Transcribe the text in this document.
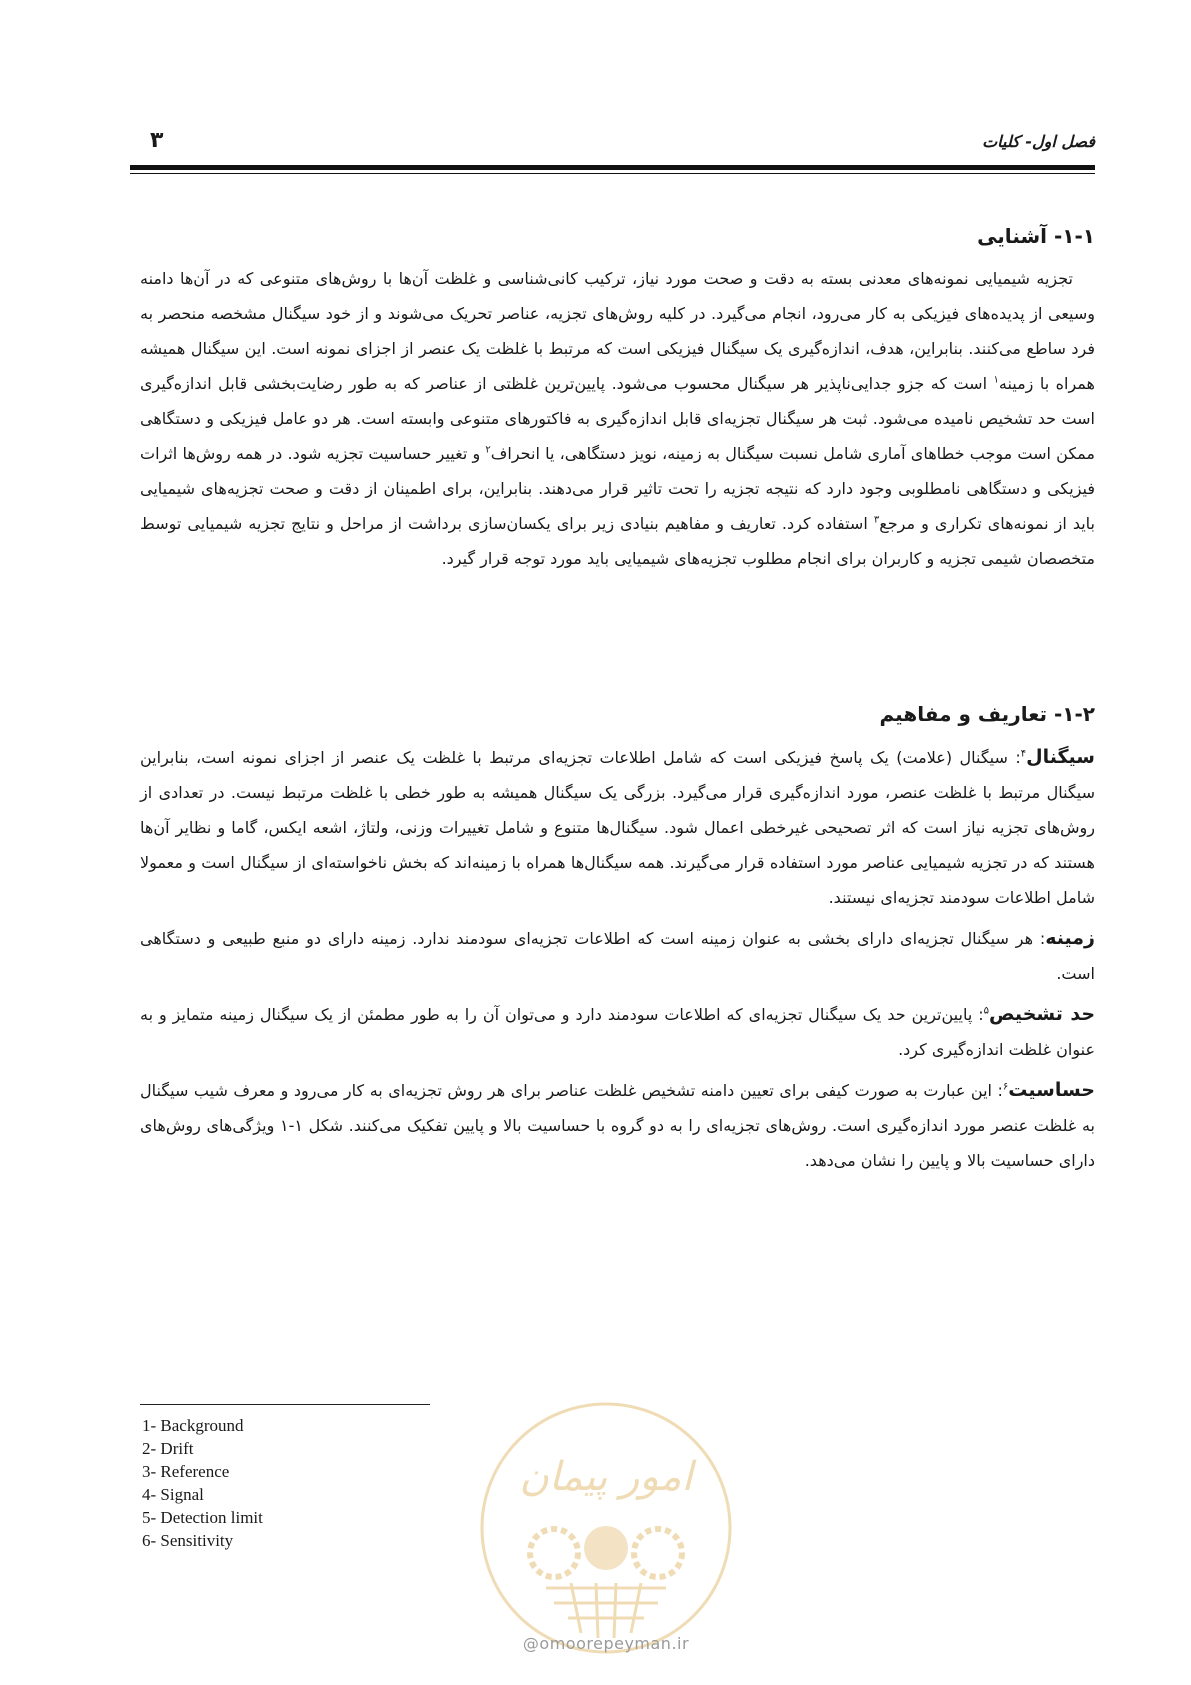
۳	فصل اول- کلیات
۱-۱- آشنایی

تجزیه شیمیایی نمونه‌های معدنی بسته به دقت و صحت مورد نیاز، ترکیب کانی‌شناسی و غلظت آن‌ها با روش‌های متنوعی که در آن‌ها دامنه وسیعی از پدیده‌های فیزیکی به کار می‌رود، انجام می‌گیرد. در کلیه روش‌های تجزیه، عناصر تحریک می‌شوند و از خود سیگنال مشخصه منحصر به فرد ساطع می‌کنند. بنابراین، هدف، اندازه‌گیری یک سیگنال فیزیکی است که مرتبط با غلظت یک عنصر از اجزای نمونه است. این سیگنال همیشه همراه با زمینه$^۱$ است که جزو جدایی‌ناپذیر هر سیگنال محسوب می‌شود. پایین‌ترین غلظتی از عناصر که به طور رضایت‌بخشی قابل اندازه‌گیری است حد تشخیص نامیده می‌شود. ثبت هر سیگنال تجزیه‌ای قابل اندازه‌گیری به فاکتورهای متنوعی وابسته است. هر دو عامل فیزیکی و دستگاهی ممکن است موجب خطاهای آماری شامل نسبت سیگنال به زمینه، نویز دستگاهی، یا انحراف$^۲$ و تغییر حساسیت تجزیه شود. در همه روش‌ها اثرات فیزیکی و دستگاهی نامطلوبی وجود دارد که نتیجه تجزیه را تحت تاثیر قرار می‌دهند. بنابراین، برای اطمینان از دقت و صحت تجزیه‌های شیمیایی باید از نمونه‌های تکراری و مرجع$^۳$ استفاده کرد. تعاریف و مفاهیم بنیادی زیر برای یکسان‌سازی برداشت از مراحل و نتایج تجزیه شیمیایی توسط متخصصان شیمی تجزیه و کاربران برای انجام مطلوب تجزیه‌های شیمیایی باید مورد توجه قرار گیرد.

۱-۲- تعاریف و مفاهیم

سیگنال$^۴$: سیگنال (علامت) یک پاسخ فیزیکی است که شامل اطلاعات تجزیه‌ای مرتبط با غلظت یک عنصر از اجزای نمونه است، بنابراین سیگنال مرتبط با غلظت عنصر، مورد اندازه‌گیری قرار می‌گیرد. بزرگی یک سیگنال همیشه به طور خطی با غلظت مرتبط نیست. در تعدادی از روش‌های تجزیه نیاز است که اثر تصحیحی غیرخطی اعمال شود. سیگنال‌ها متنوع و شامل تغییرات وزنی، ولتاژ، اشعه ایکس، گاما و نظایر آن‌ها هستند که در تجزیه شیمیایی عناصر مورد استفاده قرار می‌گیرند. همه سیگنال‌ها همراه با زمینه‌اند که بخش ناخواسته‌ای از سیگنال است و معمولا شامل اطلاعات سودمند تجزیه‌ای نیستند.

زمینه: هر سیگنال تجزیه‌ای دارای بخشی به عنوان زمینه است که اطلاعات تجزیه‌ای سودمند ندارد. زمینه دارای دو منبع طبیعی و دستگاهی است.

حد تشخیص$^۵$: پایین‌ترین حد یک سیگنال تجزیه‌ای که اطلاعات سودمند دارد و می‌توان آن را به طور مطمئن از یک سیگنال زمینه متمایز و به عنوان غلظت اندازه‌گیری کرد.

حساسیت$^۶$: این عبارت به صورت کیفی برای تعیین دامنه تشخیص غلظت عناصر برای هر روش تجزیه‌ای به کار می‌رود و معرف شیب سیگنال به غلظت عنصر مورد اندازه‌گیری است. روش‌های تجزیه‌ای را به دو گروه با حساسیت بالا و پایین تفکیک می‌کنند. شکل ۱-۱ ویژگی‌های روش‌های دارای حساسیت بالا و پایین را نشان می‌دهد.

1- Background
2- Drift
3- Reference
4- Signal
5- Detection limit
6- Sensitivity
امور پیمان
@omoorepeyman.ir
